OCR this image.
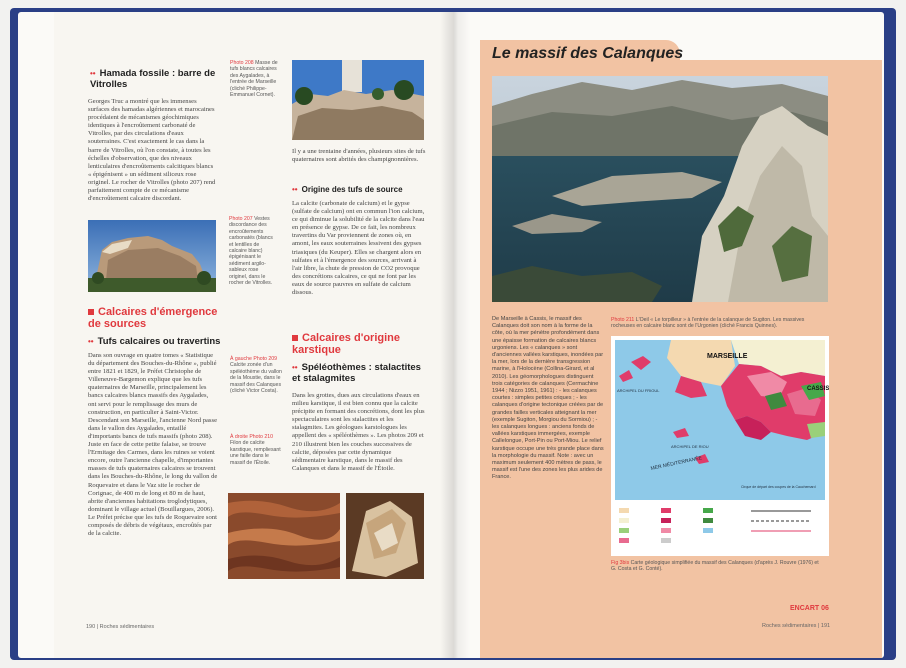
•• Hamada fossile : barre de Vitrolles
Georges Truc a montré que les immenses surfaces des hamadas algériennes et marocaines procédaient de mécanismes géochimiques identiques à l'encroûtement carbonaté de Vitrolles, par des circulations d'eaux souterraines. C'est exactement le cas dans la barre de Vitrolles, où l'on constate, à toutes les échelles d'observation, que des niveaux lenticulaires d'encroûtements calcitiques blancs « épigénisent » un sédiment siliceux rose originel. Le rocher de Vitrolles (photo 207) rend parfaitement compte de ce mécanisme d'encroûtement calcaire discordant.
Photo 207 Vestes discordance des encroûtements carbonatés (blancs et lentilles de calcaire blanc) épigénisant le sédiment argilo-sableux rose originel, dans le rocher de Vitrolles.
Calcaires d'émergence de sources
•• Tufs calcaires ou travertins
Dans son ouvrage en quatre tomes « Statistique du département des Bouches-du-Rhône », publié entre 1821 et 1829, le Préfet Christophe de Villeneuve-Bargemon explique que les tufs quaternaires de Marseille, principalement les bancs calcaires blancs massifs des Aygalades, ont servi pour le remplissage des murs de construction, en particulier à Saint-Victor. Descendant son Marseille, l'ancienne Nord passe dans le vallon des Aygalades, entaillé d'importants bancs de tufs massifs (photo 208). Juste en face de cette petite falaise, se trouve l'Ermitage des Carmes, dans les ruines se voient encore, outre l'ancienne chapelle, d'importantes masses de tufs quaternaires calcaires se trouvent dans les Bouches-du-Rhône, le long du vallon de Roquevaire et dans le Vaz site le rocher de Corignac, de 400 m de long et 80 m de haut, abrite d'anciennes habitations troglodytiques, dominant le village actuel (Bouillargues, 2006). Le Préfet précise que les tufs de Roquevaire sont composés de débris de végétaux, encroûtés par de la calcite.
Photo 208 Masse de tufs blancs calcaires des Aygalades, à l'entrée de Marseille (cliché Philippe-Emmanuel Cornet).
Il y a une trentaine d'années, plusieurs sites de tufs quaternaires sont abrités des champignonnières.
•• Origine des tufs de source
La calcite (carbonate de calcium) et le gypse (sulfate de calcium) ont en commun l'ion calcium, ce qui diminue la solubilité de la calcite dans l'eau en présence de gypse. De ce fait, les nombreux travertins du Var proviennent de zones où, en amont, les eaux souterraines lessivent des gypses triasiques (du Keuper). Elles se chargent alors en sulfates et à l'émergence des sources, arrivant à l'air libre, la chute de pression de CO2 provoque des concrétions calcaires, ce qui ne font par les eaux de source pauvres en sulfate de calcium dissous.
Calcaires d'origine karstique
•• Spéléothèmes : stalactites et stalagmites
Dans les grottes, dues aux circulations d'eaux en milieu karstique, il est bien connu que la calcite précipite en formant des concrétions, dont les plus spectaculaires sont les stalactites et les stalagmites. Les géologues karstologues les appellent des « spéléothèmes ». Les photos 209 et 210 illustrent bien les couches successives de calcite, déposées par cette dynamique sédimentaire karstique, dans le massif des Calanques et dans le massif de l'Étoile.
À gauche Photo 209 Calcite zonée d'un spéléothème du vallon de la Moustie, dans le massif des Calanques (cliché Victor Costa).
À droite Photo 210 Filon de calcite karstique, rempliesant une faille dans le massif de l'Étoile.
190 | Roches sédimentaires
Le massif des Calanques
Photo 211 L'Oeil « Le torpilleur » à l'entrée de la calanque de Sugiton. Les massives rocheuses en calcaire blanc sont de l'Urgonien (cliché Francis Quinnes).
De Marseille à Cassis, le massif des Calanques doit son nom à la forme de la côte, où la mer pénètre profondément dans une épaisse formation de calcaires blancs urgoniens. Les « calanques » sont d'anciennes vallées karstiques, inondées par la mer, lors de la dernière transgression marine, à l'Holocène (Collina-Girard, et al 2010). Les géomorphologues distinguent trois catégories de calanques (Cermachine 1944 ; Nizzo 1951, 1961) : - les calanques courtes : simples petites criques ; - les calanques d'origine tectonique créées par de grandes failles verticales atteignant la mer (exemple Sugiton, Morgiou du Sormiou) ; - les calanques longues : anciens fonds de vallées karstiques immergées, exemple Callelongue, Port-Pin ou Port-Miou. Le relief karstique occupe une très grande place dans la morphologie du massif. Note : avec un maximum seulement 400 mètres de pass, le massif est l'une des zones les plus arides de France.
MARSEILLE
CASSIS
ARCHIPEL DU FRIOUL
ARCHIPEL DE RIOU
MER MÉDITERRANÉE
Cirque de départ des coupes de la Cauchemard
Fig 3bis Carte géologique simplifiée du massif des Calanques (d'après J. Rouvre (1976) et G. Costa et G. Conté).
ENCART 06
Roches sédimentaires | 191
